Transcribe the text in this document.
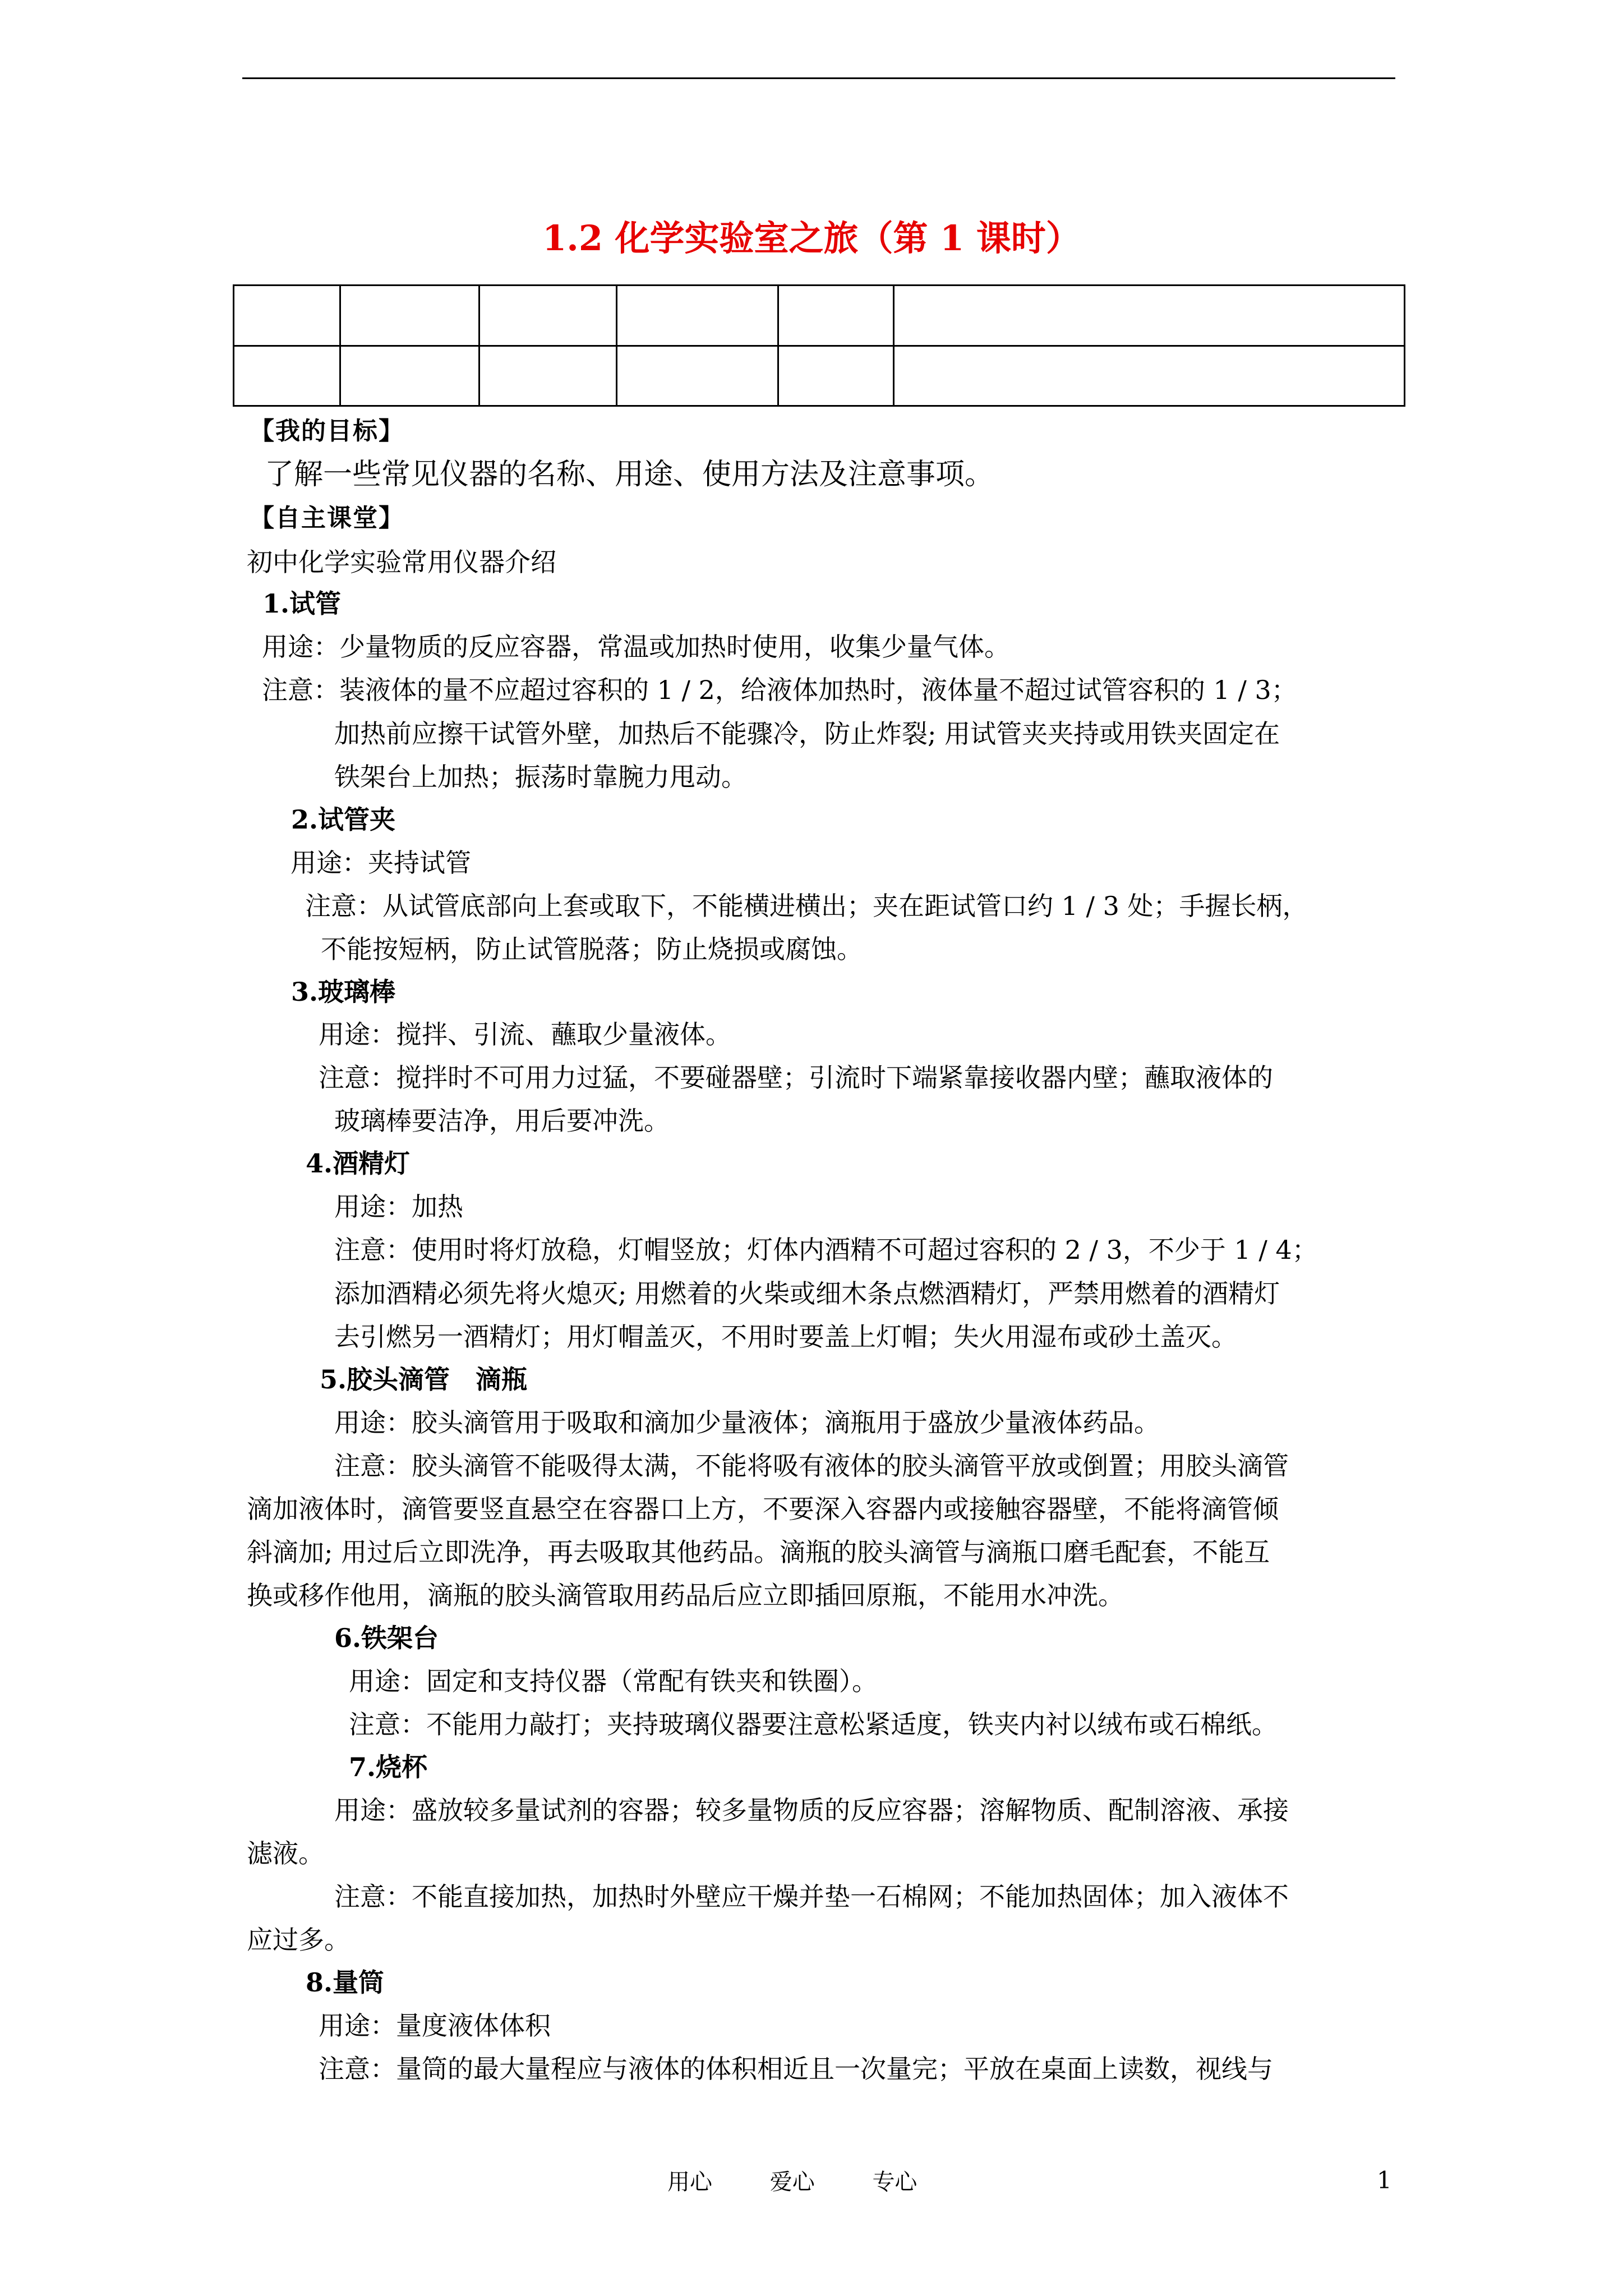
1.2 化学实验室之旅（第 1 课时）

【我的目标】
了解一些常见仪器的名称、用途、使用方法及注意事项。
【自主课堂】
初中化学实验常用仪器介绍
1.试管
用途：少量物质的反应容器，常温或加热时使用，收集少量气体。
注意：装液体的量不应超过容积的 1 / 2，给液体加热时，液体量不超过试管容积的 1 / 3；
加热前应擦干试管外壁，加热后不能骤冷，防止炸裂; 用试管夹夹持或用铁夹固定在
铁架台上加热；振荡时靠腕力甩动。
2.试管夹
用途：夹持试管
注意：从试管底部向上套或取下，不能横进横出；夹在距试管口约 1 / 3 处；手握长柄，
不能按短柄，防止试管脱落；防止烧损或腐蚀。
3.玻璃棒
用途：搅拌、引流、蘸取少量液体。
注意：搅拌时不可用力过猛，不要碰器壁；引流时下端紧靠接收器内壁；蘸取液体的
玻璃棒要洁净，用后要冲洗。
4.酒精灯
用途：加热
注意：使用时将灯放稳，灯帽竖放；灯体内酒精不可超过容积的 2 / 3，不少于 1 / 4；
添加酒精必须先将火熄灭; 用燃着的火柴或细木条点燃酒精灯，严禁用燃着的酒精灯
去引燃另一酒精灯；用灯帽盖灭，不用时要盖上灯帽；失火用湿布或砂土盖灭。
5.胶头滴管　滴瓶
用途：胶头滴管用于吸取和滴加少量液体；滴瓶用于盛放少量液体药品。
注意：胶头滴管不能吸得太满，不能将吸有液体的胶头滴管平放或倒置；用胶头滴管
滴加液体时，滴管要竖直悬空在容器口上方，不要深入容器内或接触容器壁，不能将滴管倾
斜滴加; 用过后立即洗净，再去吸取其他药品。滴瓶的胶头滴管与滴瓶口磨毛配套，不能互
换或移作他用，滴瓶的胶头滴管取用药品后应立即插回原瓶，不能用水冲洗。
6.铁架台
用途：固定和支持仪器（常配有铁夹和铁圈）。
注意：不能用力敲打；夹持玻璃仪器要注意松紧适度，铁夹内衬以绒布或石棉纸。
7.烧杯
用途：盛放较多量试剂的容器；较多量物质的反应容器；溶解物质、配制溶液、承接
滤液。
注意：不能直接加热，加热时外壁应干燥并垫一石棉网；不能加热固体；加入液体不
应过多。
8.量筒
用途：量度液体体积
注意：量筒的最大量程应与液体的体积相近且一次量完；平放在桌面上读数，视线与
用心	爱心	专心	1
